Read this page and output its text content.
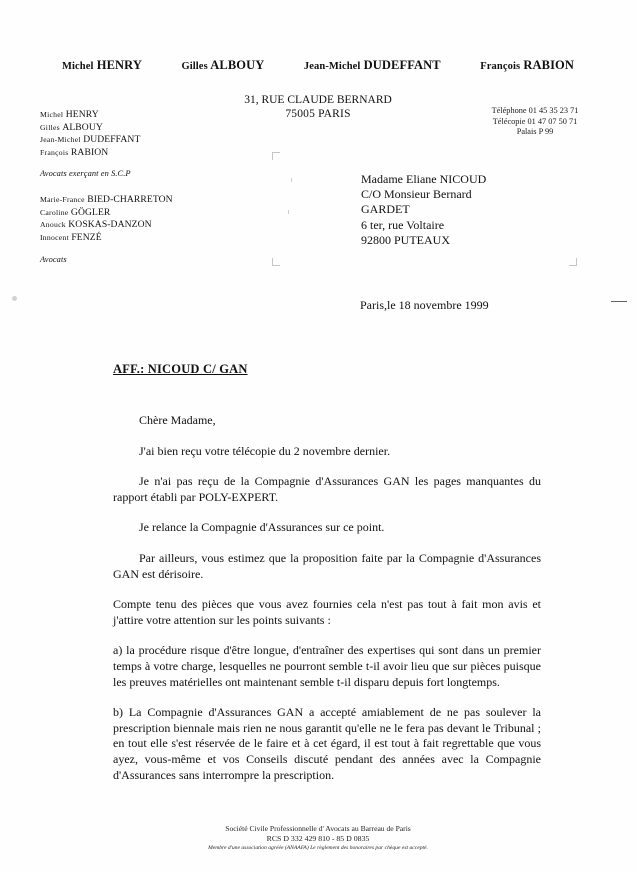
Michel HENRY	Gilles ALBOUY	Jean-Michel DUDEFFANT	François RABION
31, RUE CLAUDE BERNARD
75005 PARIS	Téléphone 01 45 35 23 71
Télécopie 01 47 07 50 71
Palais P 99
Michel HENRY
Gilles ALBOUY
Jean-Michel DUDEFFANT
François RABION
Avocats exerçant en S.C.P
Marie-France BIED-CHARRETON
Caroline GÖGLER
Anouck KOSKAS-DANZON
Innocent FENZÉ
Avocats
Madame Eliane NICOUD
C/O Monsieur Bernard
GARDET
6 ter, rue Voltaire
92800 PUTEAUX
Paris,le 18 novembre 1999
AFF.: NICOUD C/ GAN

Chère Madame,

J'ai bien reçu votre télécopie du 2 novembre dernier.

Je n'ai pas reçu de la Compagnie d'Assurances GAN les pages manquantes du rapport établi par POLY-EXPERT.

Je relance la Compagnie d'Assurances sur ce point.

Par ailleurs, vous estimez que la proposition faite par la Compagnie d'Assurances GAN est dérisoire.

Compte tenu des pièces que vous avez fournies cela n'est pas tout à fait mon avis et j'attire votre attention sur les points suivants :

a) la procédure risque d'être longue, d'entraîner des expertises qui sont dans un premier temps à votre charge, lesquelles ne pourront semble t-il avoir lieu que sur pièces puisque les preuves matérielles ont maintenant semble t-il disparu depuis fort longtemps.

b) La Compagnie d'Assurances GAN a accepté amiablement de ne pas soulever la prescription biennale mais rien ne nous garantit qu'elle ne le fera pas devant le Tribunal ; en tout elle s'est réservée de le faire et à cet égard, il est tout à fait regrettable que vous ayez, vous-même et vos Conseils discuté pendant des années avec la Compagnie d'Assurances sans interrompre la prescription.

Société Civile Professionnelle d' Avocats au Barreau de Paris
RCS D 332 429 810 - 85 D 0835
Membre d'une association agréée (ANAAFA) Le règlement des honoraires par chèque est accepté.
